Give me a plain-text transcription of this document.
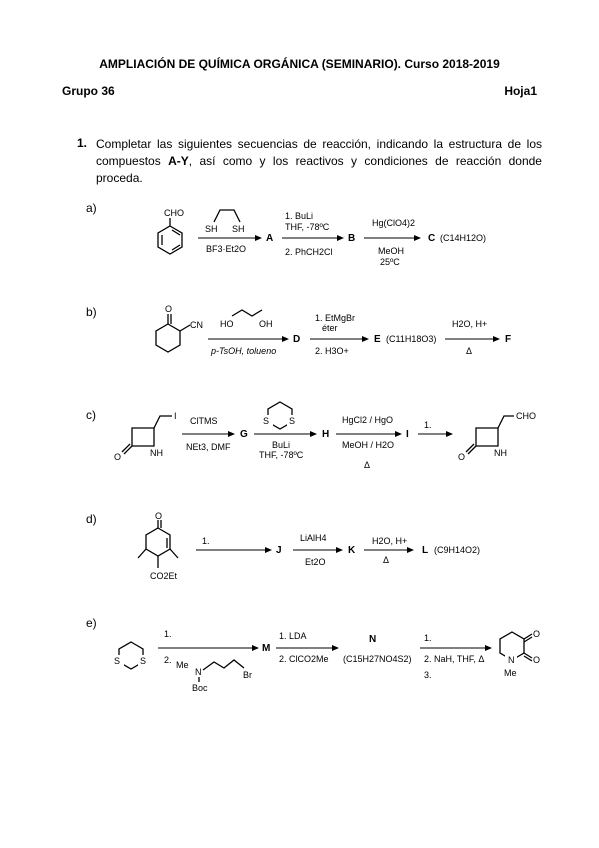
AMPLIACIÓN DE QUÍMICA ORGÁNICA (SEMINARIO). Curso 2018-2019
Grupo 36	Hoja1
1. Completar las siguientes secuencias de reacción, indicando la estructura de los compuestos A-Y, así como y los reactivos y condiciones de reacción donde proceda.
a)
b)
c)
d)
e)
CHO
SH SH
BF3·Et2O
A
1. BuLi
THF, -78ºC
2. PhCH2Cl
B
Hg(ClO4)2
MeOH
25ºC
C (C14H12O)
O
CN HO	OH
p-TsOH, tolueno
D
1. EtMgBr
éter
2. H3O+
E (C11H18O3)
H2O, H+
Δ
F
O	NH
I ClTMS
NEt3, DMF
G
S S
BuLi
THF, -78ºC
H
HgCl2 / HgO
MeOH / H2O
Δ
I
1.
O	NH
CHO
O
CO2Et
1.
J
LiAlH4
Et2O
K
H2O, H+
Δ
L (C9H14O2)
S S
1.
2. Me
N	Br
Boc
M
1. LDA
2. ClCO2Me
N
(C15H27NO4S2)
1.
2. NaH, THF, Δ
3.
O
O
N
Me
